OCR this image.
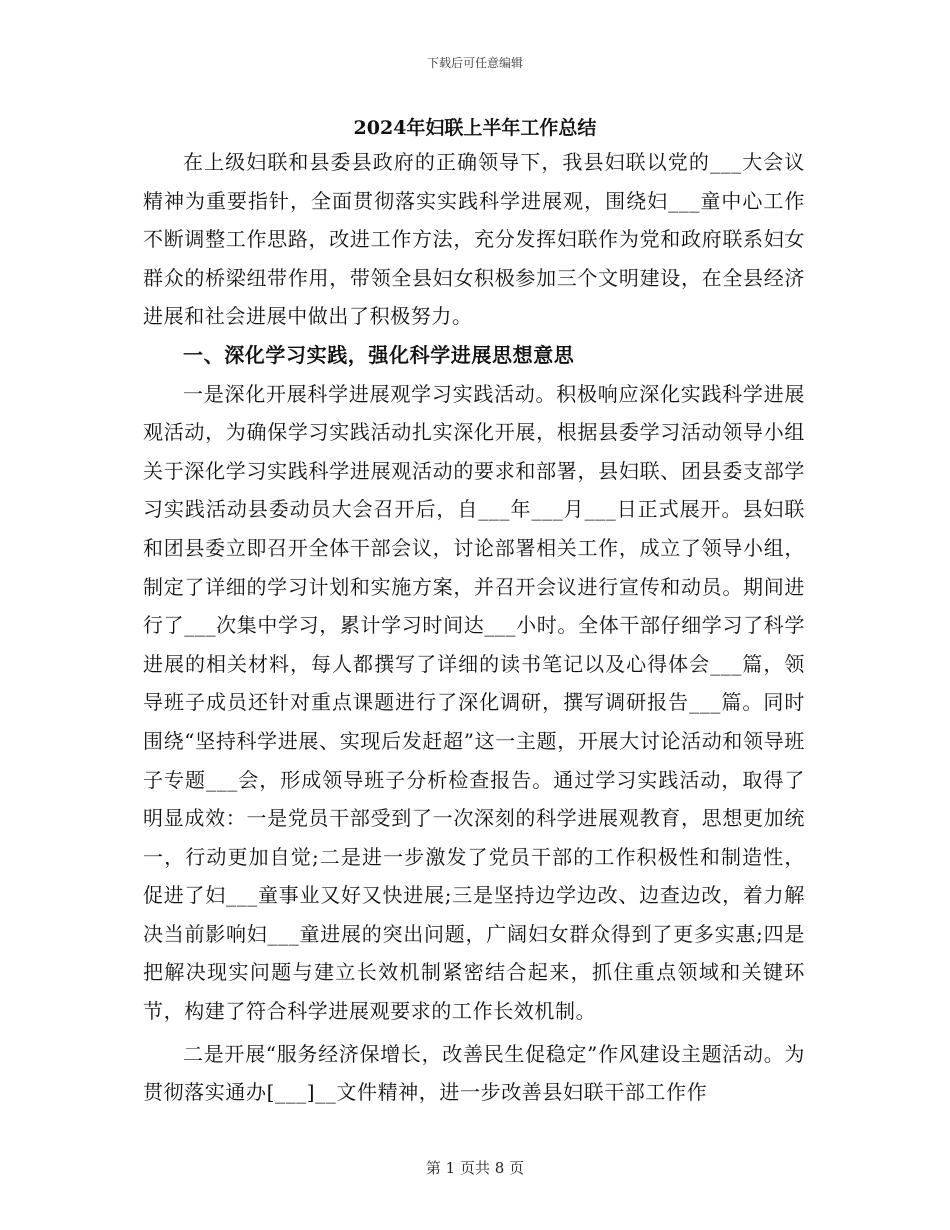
下载后可任意编辑
2024年妇联上半年工作总结

在上级妇联和县委县政府的正确领导下，我县妇联以党的___大会议精神为重要指针，全面贯彻落实实践科学进展观，围绕妇___童中心工作不断调整工作思路，改进工作方法，充分发挥妇联作为党和政府联系妇女群众的桥梁纽带作用，带领全县妇女积极参加三个文明建设，在全县经济进展和社会进展中做出了积极努力。

一、深化学习实践，强化科学进展思想意思

一是深化开展科学进展观学习实践活动。积极响应深化实践科学进展观活动，为确保学习实践活动扎实深化开展，根据县委学习活动领导小组关于深化学习实践科学进展观活动的要求和部署，县妇联、团县委支部学习实践活动县委动员大会召开后，自___年___月___日正式展开。县妇联和团县委立即召开全体干部会议，讨论部署相关工作，成立了领导小组，制定了详细的学习计划和实施方案，并召开会议进行宣传和动员。期间进行了___次集中学习，累计学习时间达___小时。全体干部仔细学习了科学进展的相关材料，每人都撰写了详细的读书笔记以及心得体会___篇，领导班子成员还针对重点课题进行了深化调研，撰写调研报告___篇。同时围绕“坚持科学进展、实现后发赶超”这一主题，开展大讨论活动和领导班子专题___会，形成领导班子分析检查报告。通过学习实践活动，取得了明显成效：一是党员干部受到了一次深刻的科学进展观教育，思想更加统一，行动更加自觉;二是进一步激发了党员干部的工作积极性和制造性，促进了妇___童事业又好又快进展;三是坚持边学边改、边查边改，着力解决当前影响妇___童进展的突出问题，广阔妇女群众得到了更多实惠;四是把解决现实问题与建立长效机制紧密结合起来，抓住重点领域和关键环节，构建了符合科学进展观要求的工作长效机制。

二是开展“服务经济保增长，改善民生促稳定”作风建设主题活动。为贯彻落实通办[___]__文件精神，进一步改善县妇联干部工作作

第 1 页共 8 页
